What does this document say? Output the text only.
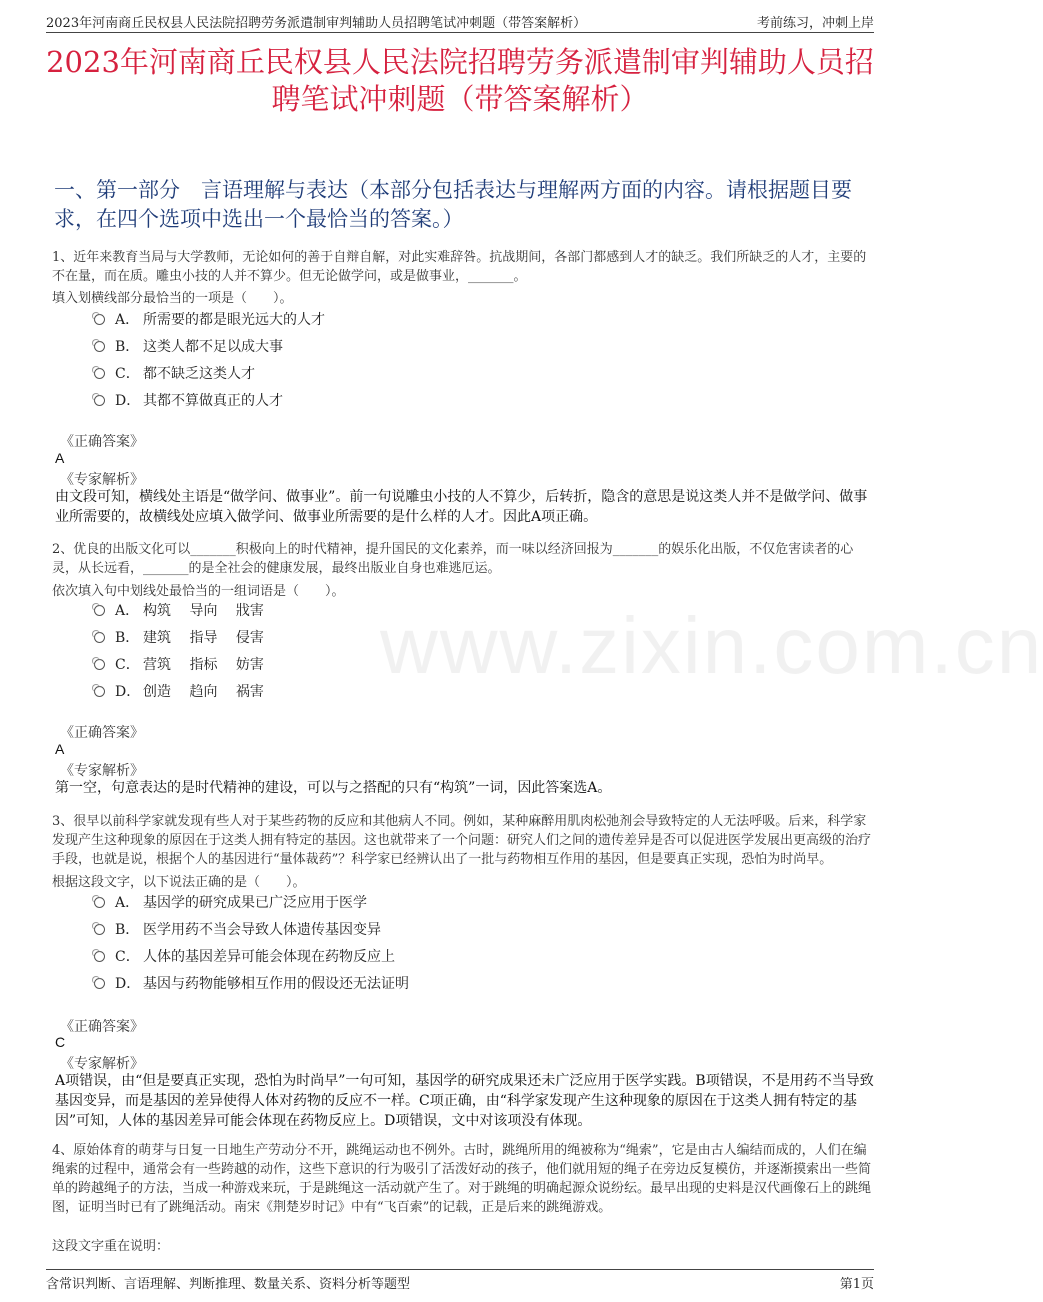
2023年河南商丘民权县人民法院招聘劳务派遣制审判辅助人员招聘笔试冲刺题（带答案解析）	考前练习，冲刺上岸
2023年河南商丘民权县人民法院招聘劳务派遣制审判辅助人员招聘笔试冲刺题（带答案解析）
一、第一部分　言语理解与表达（本部分包括表达与理解两方面的内容。请根据题目要求，在四个选项中选出一个最恰当的答案。）
www.zixin.com.cn
1、近年来教育当局与大学教师，无论如何的善于自辩自解，对此实难辞咎。抗战期间，各部门都感到人才的缺乏。我们所缺乏的人才，主要的不在量，而在质。雕虫小技的人并不算少。但无论做学问，或是做事业，_______。
填入划横线部分最恰当的一项是（　　）。
A． 所需要的都是眼光远大的人才
B． 这类人都不足以成大事
C． 都不缺乏这类人才
D． 其都不算做真正的人才
《正确答案》
A
《专家解析》
由文段可知，横线处主语是“做学问、做事业”。前一句说雕虫小技的人不算少，后转折，隐含的意思是说这类人并不是做学问、做事业所需要的，故横线处应填入做学问、做事业所需要的是什么样的人才。因此A项正确。
2、优良的出版文化可以_______积极向上的时代精神，提升国民的文化素养，而一味以经济回报为_______的娱乐化出版，不仅危害读者的心灵，从长远看，_______的是全社会的健康发展，最终出版业自身也难逃厄运。
依次填入句中划线处最恰当的一组词语是（　　）。
A． 构筑　 导向　 戕害
B． 建筑　 指导　 侵害
C． 营筑　 指标　 妨害
D． 创造　 趋向　 祸害
《正确答案》
A
《专家解析》
第一空，句意表达的是时代精神的建设，可以与之搭配的只有“构筑”一词，因此答案选A。
3、很早以前科学家就发现有些人对于某些药物的反应和其他病人不同。例如，某种麻醉用肌肉松弛剂会导致特定的人无法呼吸。后来，科学家发现产生这种现象的原因在于这类人拥有特定的基因。这也就带来了一个问题：研究人们之间的遗传差异是否可以促进医学发展出更高级的治疗手段，也就是说，根据个人的基因进行“量体裁药”？科学家已经辨认出了一批与药物相互作用的基因，但是要真正实现，恐怕为时尚早。
根据这段文字，以下说法正确的是（　　）。
A． 基因学的研究成果已广泛应用于医学
B． 医学用药不当会导致人体遗传基因变异
C． 人体的基因差异可能会体现在药物反应上
D． 基因与药物能够相互作用的假设还无法证明
《正确答案》
C
《专家解析》
A项错误，由“但是要真正实现，恐怕为时尚早”一句可知，基因学的研究成果还未广泛应用于医学实践。B项错误，不是用药不当导致基因变异，而是基因的差异使得人体对药物的反应不一样。C项正确，由“科学家发现产生这种现象的原因在于这类人拥有特定的基因”可知，人体的基因差异可能会体现在药物反应上。D项错误，文中对该项没有体现。
4、原始体育的萌芽与日复一日地生产劳动分不开，跳绳运动也不例外。古时，跳绳所用的绳被称为“绳索”，它是由古人编结而成的，人们在编绳索的过程中，通常会有一些跨越的动作，这些下意识的行为吸引了活泼好动的孩子，他们就用短的绳子在旁边反复模仿，并逐渐摸索出一些简单的跨越绳子的方法，当成一种游戏来玩，于是跳绳这一活动就产生了。对于跳绳的明确起源众说纷纭。最早出现的史料是汉代画像石上的跳绳图，证明当时已有了跳绳活动。南宋《荆楚岁时记》中有“飞百索”的记载，正是后来的跳绳游戏。
这段文字重在说明：
含常识判断、言语理解、判断推理、数量关系、资料分析等题型	第1页
